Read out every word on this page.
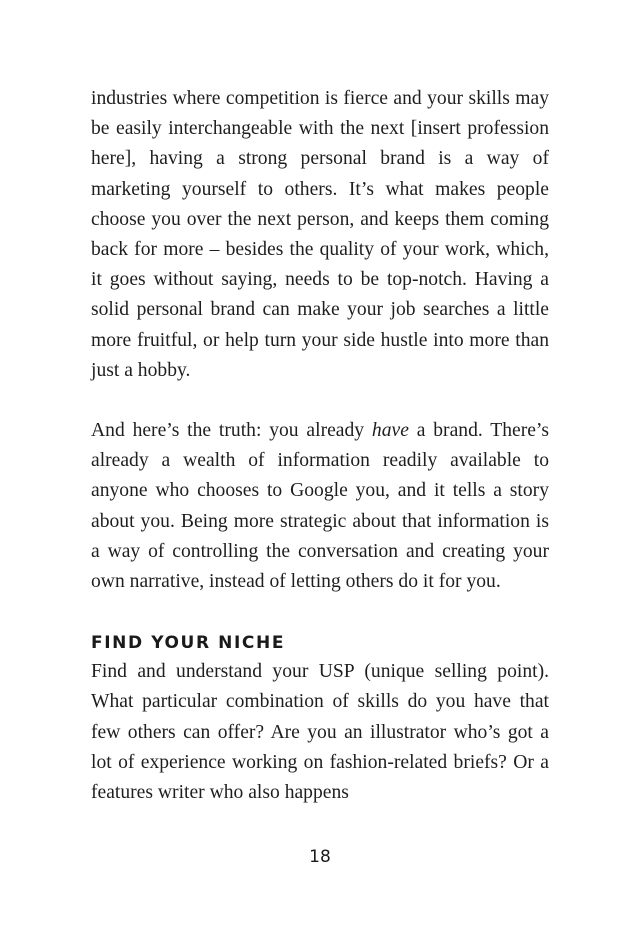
industries where competition is fierce and your skills may be easily interchangeable with the next [insert profession here], having a strong personal brand is a way of marketing yourself to others. It’s what makes people choose you over the next person, and keeps them coming back for more – besides the quality of your work, which, it goes without saying, needs to be top-notch. Having a solid personal brand can make your job searches a little more fruitful, or help turn your side hustle into more than just a hobby.

And here’s the truth: you already have a brand. There’s already a wealth of information readily available to anyone who chooses to Google you, and it tells a story about you. Being more strategic about that information is a way of controlling the conversation and creating your own narrative, instead of letting others do it for you.

FIND YOUR NICHE

Find and understand your USP (unique selling point). What particular combination of skills do you have that few others can offer? Are you an illustrator who’s got a lot of experience working on fashion-related briefs? Or a features writer who also happens

18
